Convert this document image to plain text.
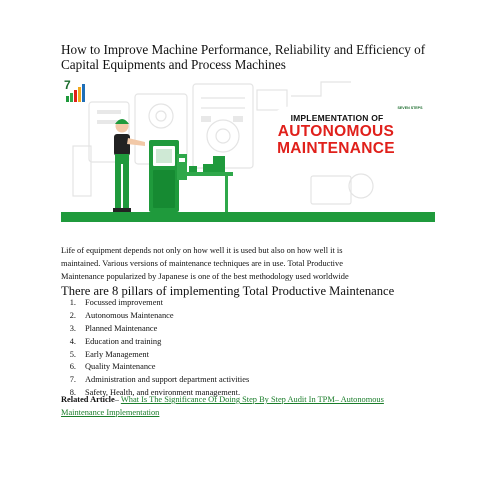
How to Improve Machine Performance, Reliability and Efficiency of Capital Equipments and Process Machines
7
SEVEN STEPS
IMPLEMENTATION OF
AUTONOMOUS
MAINTENANCE
Life of equipment depends not only on how well it is used but also on how well it is
maintained. Various versions of maintenance techniques are in use. Total Productive
Maintenance popularized by Japanese is one of the best methodology used worldwide
There are 8 pillars of implementing Total Productive Maintenance
1. Focussed improvement
2. Autonomous Maintenance
3. Planned Maintenance
4. Education and training
5. Early Management
6. Quality Maintenance
7. Administration and support department activities
8. Safety, Health, and environment management.
Related Article– What Is The Significance Of Doing Step By Step Audit In TPM– Autonomous
Maintenance Implementation
